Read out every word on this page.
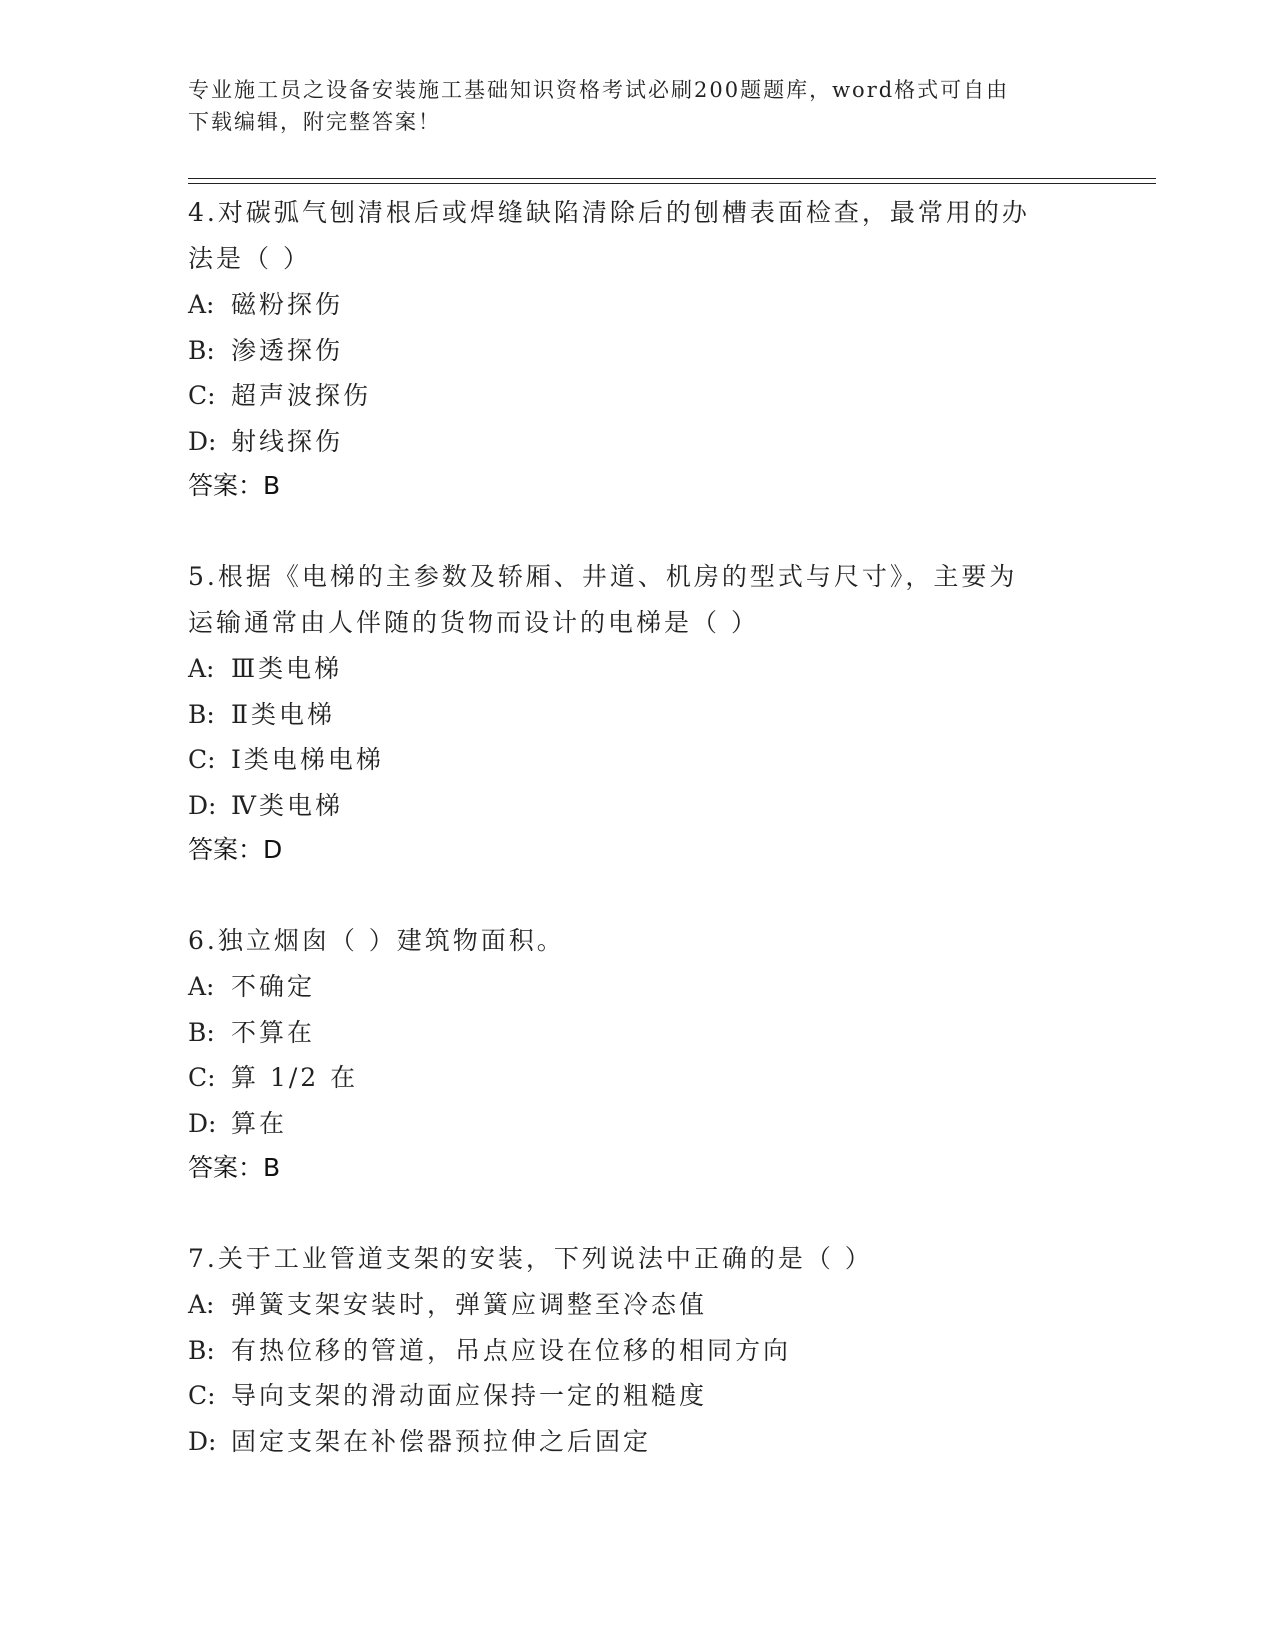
专业施工员之设备安装施工基础知识资格考试必刷200题题库，word格式可自由
下载编辑，附完整答案！
4.对碳弧气刨清根后或焊缝缺陷清除后的刨槽表面检查，最常用的办
法是（ ）
A: 磁粉探伤
B: 渗透探伤
C: 超声波探伤
D: 射线探伤
答案：B
5.根据《电梯的主参数及轿厢、井道、机房的型式与尺寸》，主要为
运输通常由人伴随的货物而设计的电梯是（ ）
A: Ⅲ类电梯
B: Ⅱ类电梯
C: Ⅰ类电梯电梯
D: Ⅳ类电梯
答案：D
6.独立烟囱（ ）建筑物面积。
A: 不确定
B: 不算在
C: 算 1/2 在
D: 算在
答案：B
7.关于工业管道支架的安装，下列说法中正确的是（ ）
A: 弹簧支架安装时，弹簧应调整至冷态值
B: 有热位移的管道，吊点应设在位移的相同方向
C: 导向支架的滑动面应保持一定的粗糙度
D: 固定支架在补偿器预拉伸之后固定
